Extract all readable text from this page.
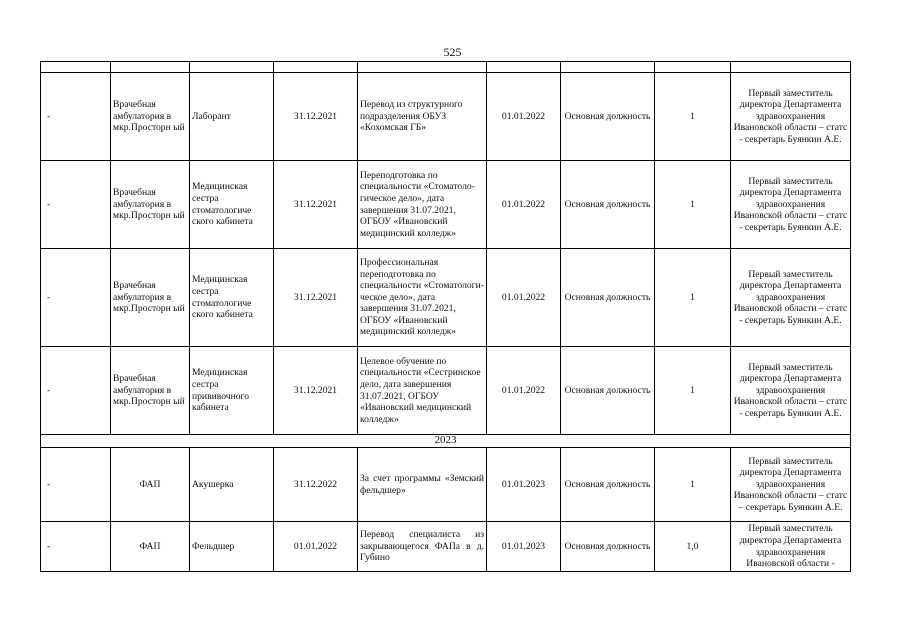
525

-	Врачебная амбулатория в мкр.Просторн ый	Лаборант	31.12.2021	Перевод из структурного подразделения ОБУЗ «Кохомская ГБ»	01.01.2022	Основная должность	1	Первый заместитель директора Департамента здравоохранения Ивановской области – статс - секретарь Буянкин А.Е.
-	Врачебная амбулатория в мкр.Просторн ый	Медицинская сестра стоматологиче ского кабинета	31.12.2021	Переподготовка по специальности «Стоматоло-гическое дело», дата завершения 31.07.2021, ОГБОУ «Ивановский медицинский колледж»	01.01.2022	Основная должность	1	Первый заместитель директора Департамента здравоохранения Ивановской области – статс - секретарь Буянкин А.Е.
-	Врачебная амбулатория в мкр.Просторн ый	Медицинская сестра стоматологиче ского кабинета	31.12.2021	Профессиональная переподготовка по специальности «Стоматологи-ческое дело», дата завершения 31.07.2021, ОГБОУ «Ивановский медицинский колледж»	01.01.2022	Основная должность	1	Первый заместитель директора Департамента здравоохранения Ивановской области – статс - секретарь Буянкин А.Е.
-	Врачебная амбулатория в мкр.Просторн ый	Медицинская сестра прививочного кабинета	31.12.2021	Целевое обучение по специальности «Сестринское дело, дата завершения 31.07.2021, ОГБОУ «Ивановский медицинский колледж»	01.01.2022	Основная должность	1	Первый заместитель директора Департамента здравоохранения Ивановской области – статс - секретарь Буянкин А.Е.
2023								
-	ФАП	Акушерка	31.12.2022	За счет программы «Земский фельдшер»	01.01.2023	Основная должность	1	Первый заместитель директора Департамента здравоохранения Ивановской области – статс – секретарь Буянкин А.Е.
-	ФАП	Фельдшер	01.01.2022	Перевод специалиста из закрывающегося ФАПа в д. Губино	01.01.2023	Основная должность	1,0	Первый заместитель директора Департамента здравоохранения Ивановской области -
